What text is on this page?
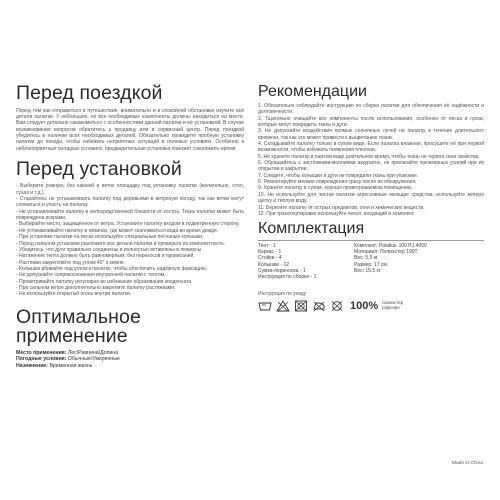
Перед поездкой

Перед тем как отправиться в путешествие, внимательно и в спокойной обстановке изучите все детали палатки. У небольших, но все необходимые компоненты должны находиться на месте. Вам следует детально ознакомиться с особенностями данной палатки и её установкой. В случае возникновения вопросов обратитесь к продавцу или в сервисный центр. Перед поездкой убедитесь в наличии всех необходимых деталей. Обязательно проведите пробную установку палатки до похода, чтобы избежать неприятных ситуаций в полевых условиях. Особенно в неблагоприятных погодных условиях, предварительная установка поможет сэкономить время.

Перед установкой

- Выберите ровную, без камней и веток площадку под установку палатки (желательно, стол, сухая и т.д.).
- Старайтесь не устанавливать палатку под деревьями в ветреную погоду, так как ветки могут сломаться и упасть на палатку.
- Не устанавливайте палатку в непосредственной близости от костра. Ткань палатки может быть повреждена искрами.
- Выбирайте место, защищённое от ветра. Установите палатку входом в подветренную сторону.
- Не устанавливайте палатку в низинах, где может скапливаться вода во время дождя.
- При установке палатки на песке используйте специальные песчаные колышки.
- Перед началом установки разложите все детали палатки и проверьте их комплектность.
- Убедитесь, что дуги правильно соединены и полностью вставлены в люверсы.
- Натяжение тента должно быть равномерным, без перекосов и провисаний.
- Растяжки закрепляйте под углом 45° к земле.
- Колышки вбивайте под углом к палатке, чтобы обеспечить надёжную фиксацию.
- Не допускайте соприкосновения внутренней палатки с тентом.
- Проветривайте палатку регулярно во избежание образования конденсата.
- При сильном ветре дополнительно закрепите палатку растяжками.
- Не используйте открытый огонь внутри палатки.

Оптимальное применение
Место применения: Лес/Равнина/Долина
Погодные условия: Обычные/Умеренные
Назначение: Временная жизнь
Рекомендации

1. Обязательно соблюдайте инструкцию по сборке палатки для обеспечения её надёжности и долговечности.

2. Тщательно очищайте все компоненты после использования, особенно от песка и грязи, которые могут повредить ткань и дуги.

3. Не допускайте воздействия прямых солнечных лучей на палатку в течение длительного времени, так как это может привести к выцветанию ткани.

4. Складывайте палатку только в сухом виде. Если палатка влажная, просушите её при первой возможности, чтобы избежать появления плесени.

5. Не храните палатку в сжатом виде длительное время, чтобы ткань не теряла свои свойства.

6. Обращайтесь с застёжками-молниями аккуратно, не прилагайте чрезмерных усилий при их открытии и закрытии.

7. Следите, чтобы колышки и дуги не повредили ткань при упаковке.

8. Ремонтируйте мелкие повреждения сразу после их обнаружения.

9. Храните палатку в сухом, хорошо проветриваемом помещении.

10. Не используйте для чистки палатки агрессивные моющие средства, используйте мягкую щётку и тёплую воду.

11. Берегите палатку от острых предметов, огня и химических веществ.

12. При транспортировке используйте чехол, входящий в комплект.

Комплектация
Тент - 1
Каркас - 1
Стойки - 4
Колышки - 12
Сумка-переноска - 1
Инструкция по сборке - 1
Комплект: Palatka- 100 PJ 4000
Материал: Полиэстер 190Т
Вес: 5,5 кг
Размер: 17 см
Вес: 15,5 кг
Инструкция по уходу
100% полиэстер
polyester
Made in China
